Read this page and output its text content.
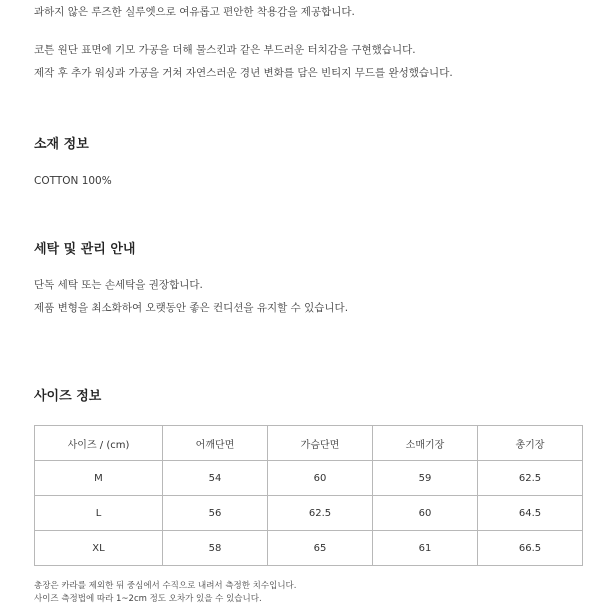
과하지 않은 루즈한 실루엣으로 여유롭고 편안한 착용감을 제공합니다.
코튼 원단 표면에 기모 가공을 더해 물스킨과 같은 부드러운 터치감을 구현했습니다.
제작 후 추가 워싱과 가공을 거쳐 자연스러운 경년 변화를 담은 빈티지 무드를 완성했습니다.
소재 정보
COTTON 100%
세탁 및 관리 안내
단독 세탁 또는 손세탁을 권장합니다.
제품 변형을 최소화하여 오랫동안 좋은 컨디션을 유지할 수 있습니다.
사이즈 정보
사이즈 / (cm)	어깨단면	가슴단면	소매기장	총기장
M	54	60	59	62.5
L	56	62.5	60	64.5
XL	58	65	61	66.5
총장은 카라를 제외한 뒤 중심에서 수직으로 내려서 측정한 치수입니다.
사이즈 측정법에 따라 1~2cm 정도 오차가 있을 수 있습니다.
